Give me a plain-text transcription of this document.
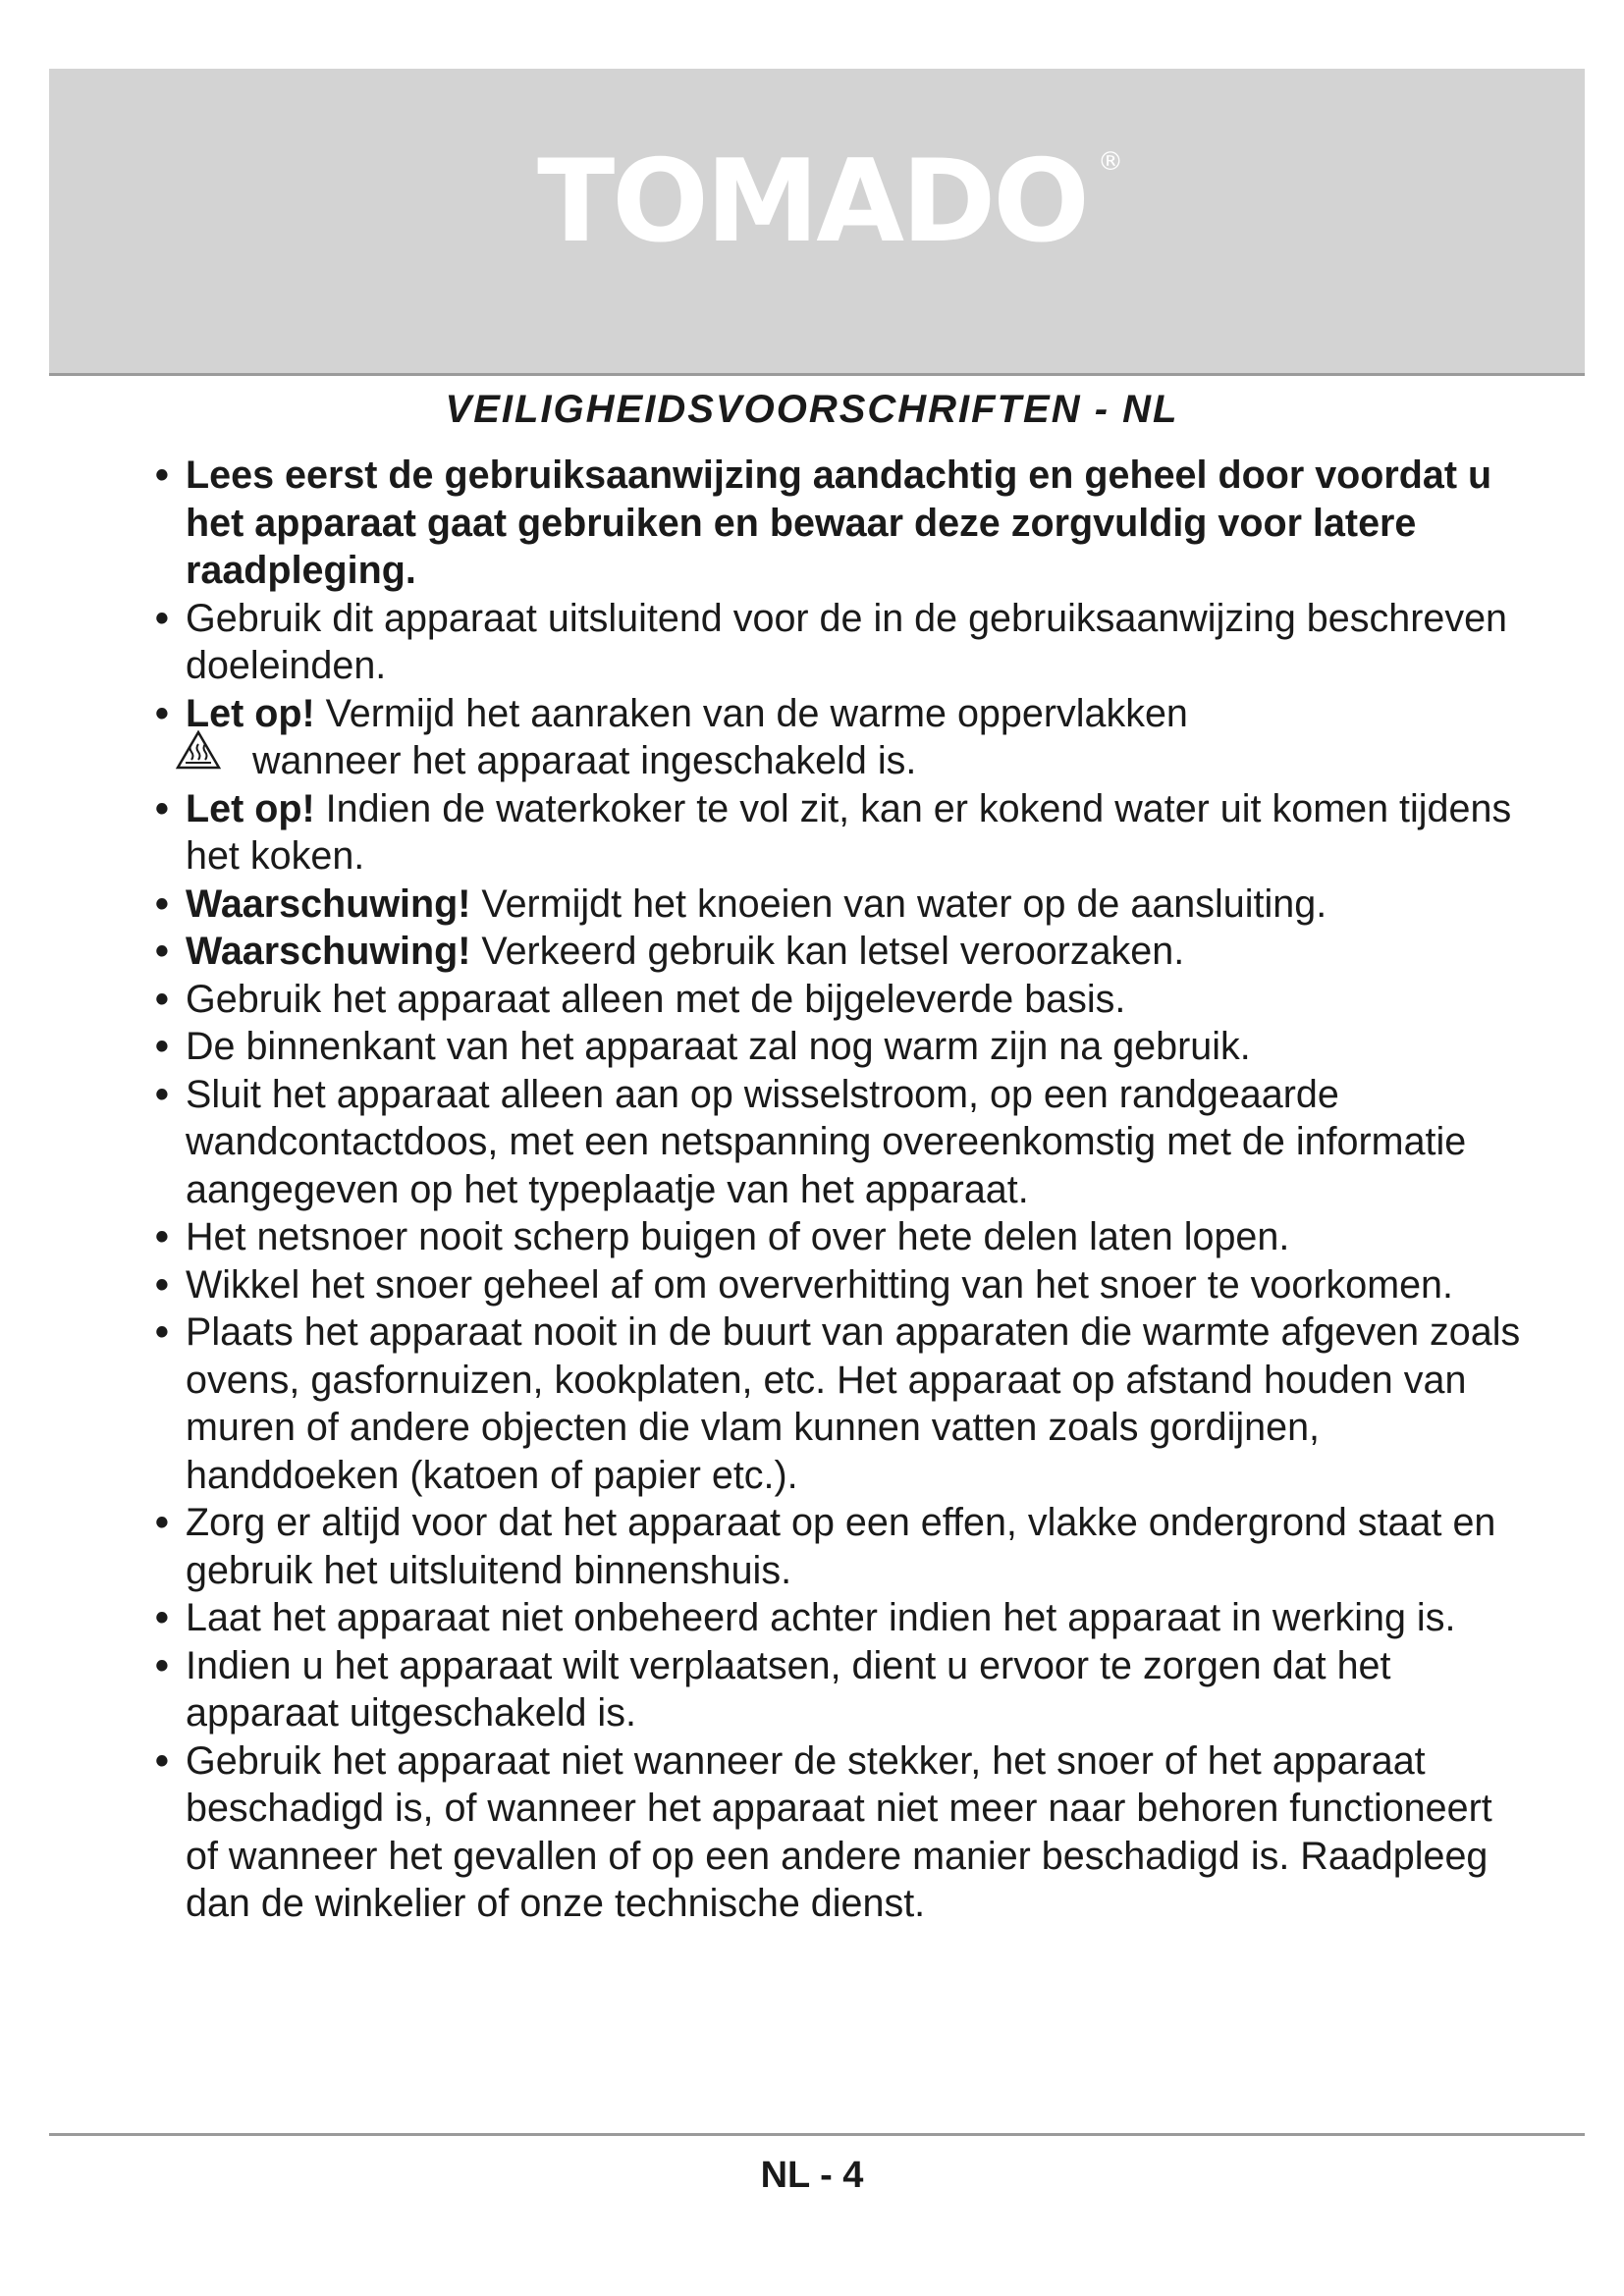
TOMADO ®
VEILIGHEIDSVOORSCHRIFTEN - NL
• Lees eerst de gebruiksaanwijzing aandachtig en geheel door voordat u het apparaat gaat gebruiken en bewaar deze zorgvuldig voor latere raadpleging.
• Gebruik dit apparaat uitsluitend voor de in de gebruiksaanwijzing beschreven doeleinden.
• Let op! Vermijd het aanraken van de warme oppervlakken
wanneer het apparaat ingeschakeld is.
• Let op! Indien de waterkoker te vol zit, kan er kokend water uit komen tijdens het koken.
• Waarschuwing! Vermijdt het knoeien van water op de aansluiting.
• Waarschuwing! Verkeerd gebruik kan letsel veroorzaken.
• Gebruik het apparaat alleen met de bijgeleverde basis.
• De binnenkant van het apparaat zal nog warm zijn na gebruik.
• Sluit het apparaat alleen aan op wisselstroom, op een randgeaarde wandcontactdoos, met een netspanning overeenkomstig met de informatie aangegeven op het typeplaatje van het apparaat.
• Het netsnoer nooit scherp buigen of over hete delen laten lopen.
• Wikkel het snoer geheel af om oververhitting van het snoer te voorkomen.
• Plaats het apparaat nooit in de buurt van apparaten die warmte afgeven zoals ovens, gasfornuizen, kookplaten, etc. Het apparaat op afstand houden van muren of andere objecten die vlam kunnen vatten zoals gordijnen, handdoeken (katoen of papier etc.).
• Zorg er altijd voor dat het apparaat op een effen, vlakke ondergrond staat en gebruik het uitsluitend binnenshuis.
• Laat het apparaat niet onbeheerd achter indien het apparaat in werking is.
• Indien u het apparaat wilt verplaatsen, dient u ervoor te zorgen dat het apparaat uitgeschakeld is.
• Gebruik het apparaat niet wanneer de stekker, het snoer of het apparaat beschadigd is, of wanneer het apparaat niet meer naar behoren functioneert of wanneer het gevallen of op een andere manier beschadigd is. Raadpleeg dan de winkelier of onze technische dienst.
NL - 4
